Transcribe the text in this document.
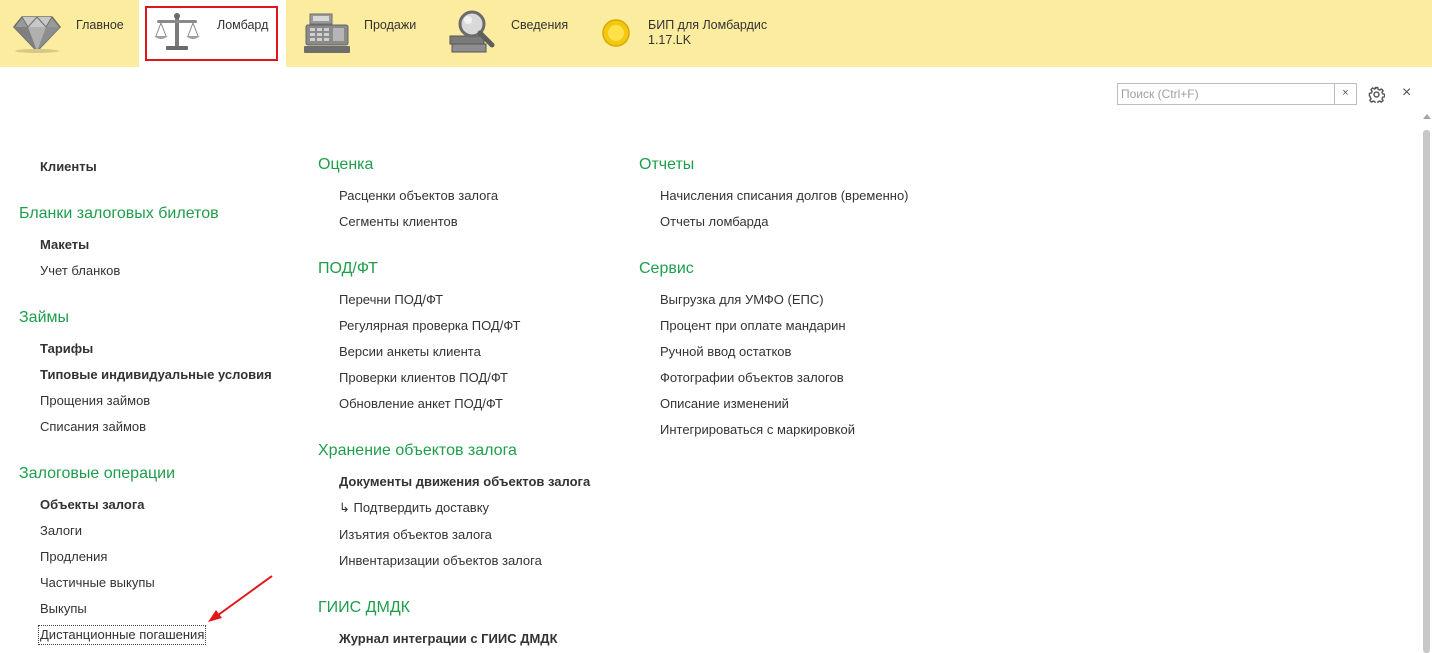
Главное	Ломбард	Продажи	Сведения	БИП для Ломбардис
1.17.LK
Поиск (Ctrl+F)
×	×
Клиенты
Бланки залоговых билетов
Макеты
Учет бланков
Займы
Тарифы
Типовые индивидуальные условия
Прощения займов
Списания займов
Залоговые операции
Объекты залога
Залоги
Продления
Частичные выкупы
Выкупы
Дистанционные погашения
Оценка
Расценки объектов залога
Сегменты клиентов
ПОД/ФТ
Перечни ПОД/ФТ
Регулярная проверка ПОД/ФТ
Версии анкеты клиента
Проверки клиентов ПОД/ФТ
Обновление анкет ПОД/ФТ
Хранение объектов залога
Документы движения объектов залога
↳ Подтвердить доставку
Изъятия объектов залога
Инвентаризации объектов залога
ГИИС ДМДК
Журнал интеграции с ГИИС ДМДК
Отчеты
Начисления списания долгов (временно)
Отчеты ломбарда
Сервис
Выгрузка для УМФО (ЕПС)
Процент при оплате мандарин
Ручной ввод остатков
Фотографии объектов залогов
Описание изменений
Интегрироваться с маркировкой
